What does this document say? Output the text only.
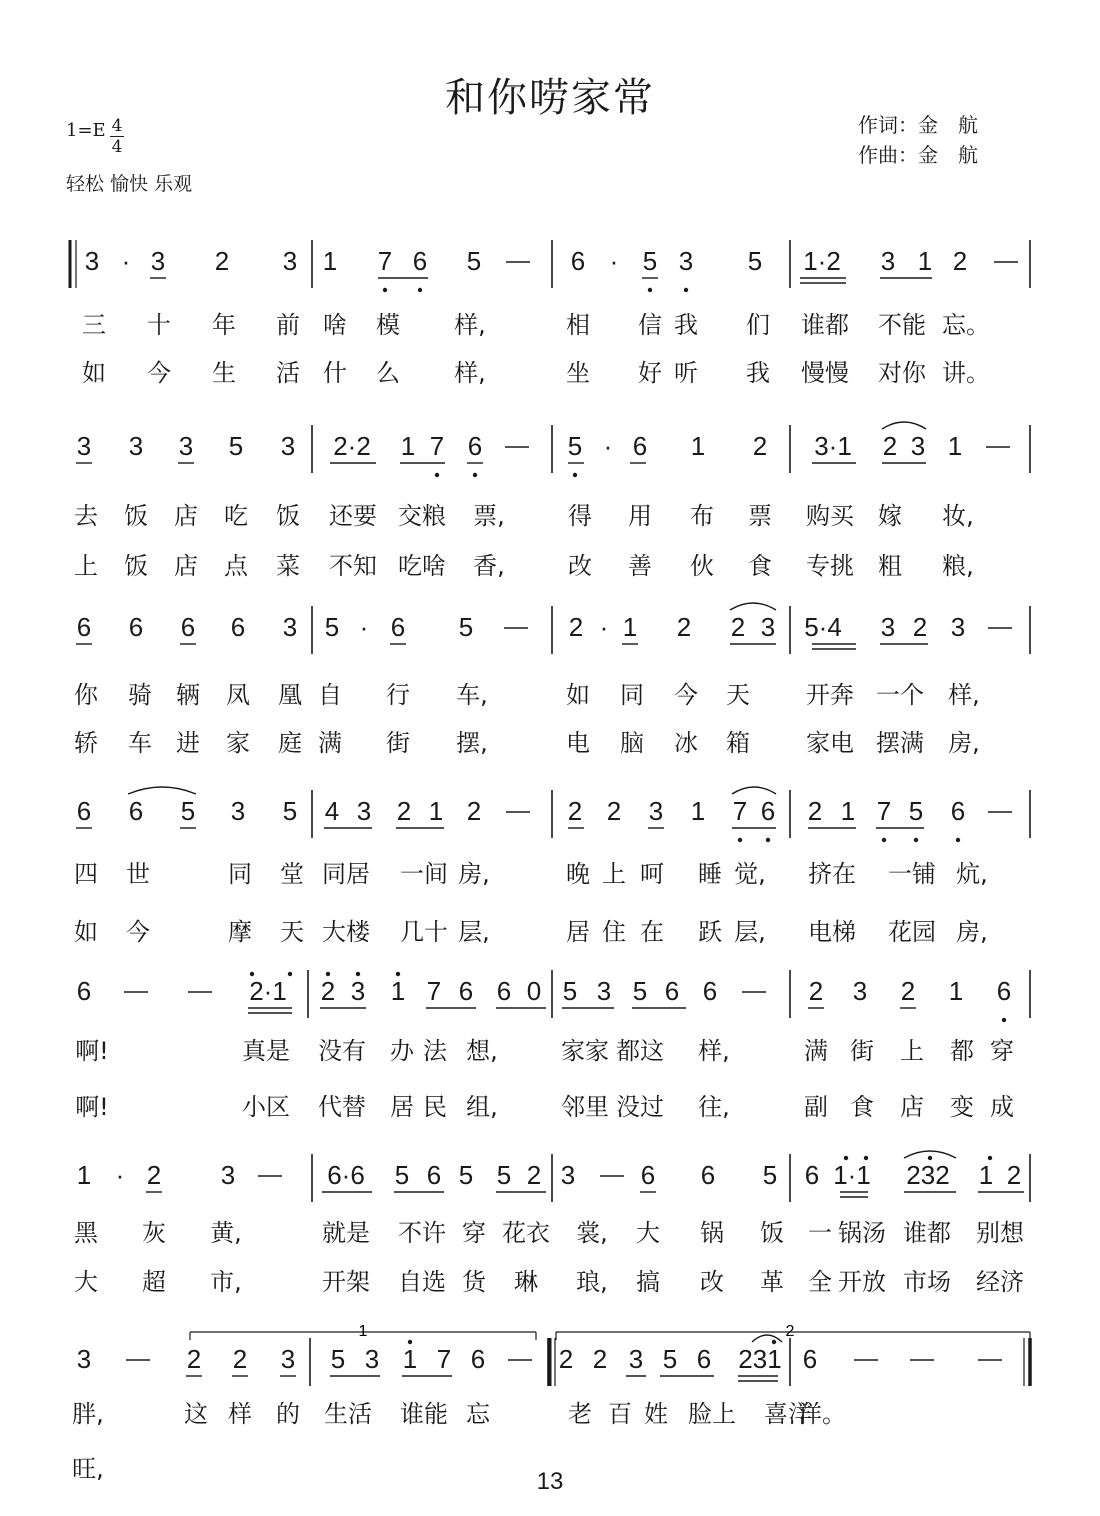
和你唠家常
作词：金　航
作曲：金　航
$1=E \frac{4}{4}$
轻松 愉快 乐观
3 · 3 2 3 1 7 6 5	6 · 5 3 5 1·2 3 1 2
三 十 年 前 啥 模 样,	相 信 我 们 谁都 不能 忘。
如 今 生 活 什 么 样,	坐 好 听 我 慢慢 对你 讲。
3 3 3 5 3 2·2 1 7 6	5 · 6 1 2 3·1 2 3 1
去 饭 店 吃 饭 还要 交粮 票,	得 用 布 票 购买 嫁 妆,
上 饭 店 点 菜 不知 吃啥 香,	改 善 伙 食 专挑 粗 粮,
6 6 6 6 3 5 · 6 5	2 · 1 2 2 3 5·4 3 2 3
你 骑 辆 凤 凰 自 行 车,	如 同 今 天 开奔 一个 样,
轿 车 进 家 庭 满 街 摆,	电 脑 冰 箱 家电 摆满 房,
6 6 5 3 5 4 3 2 1 2	2 2 3 1 7 6 2 1 7 5 6
四 世	同 堂 同居 一间 房,	晚 上 呵 睡 觉, 挤在 一铺 炕,
如 今	摩 天 大楼 几十 层,	居 住 在 跃 层, 电梯 花园 房,
6	2·1 2 3 1 7 6 6 0 5 3 5 6 6	2 3 2 1 6
啊!	真是 没有 办 法 想,	家家 都这 样,	满 街 上 都 穿
啊!	小区 代替 居 民 组,	邻里 没过 往,	副 食 店 变 成
1 · 2 3	6·6 5 6 5 5 2 3	6 6 5 6 1·1 232 1 2
黑 灰 黄,	就是 不许 穿 花衣 裳, 大 锅 饭 一 锅汤 谁都 别想
大 超 市,	开架 自选 货 琳 琅, 搞 改 革 全 开放 市场 经济
3	2 2 3 5 3 1 7 6	2 2 3 5 6 231 6
1	2
胖,	这 样 的 生活 谁能 忘	老 百 姓 脸上 喜洋
洋。
旺,	13
